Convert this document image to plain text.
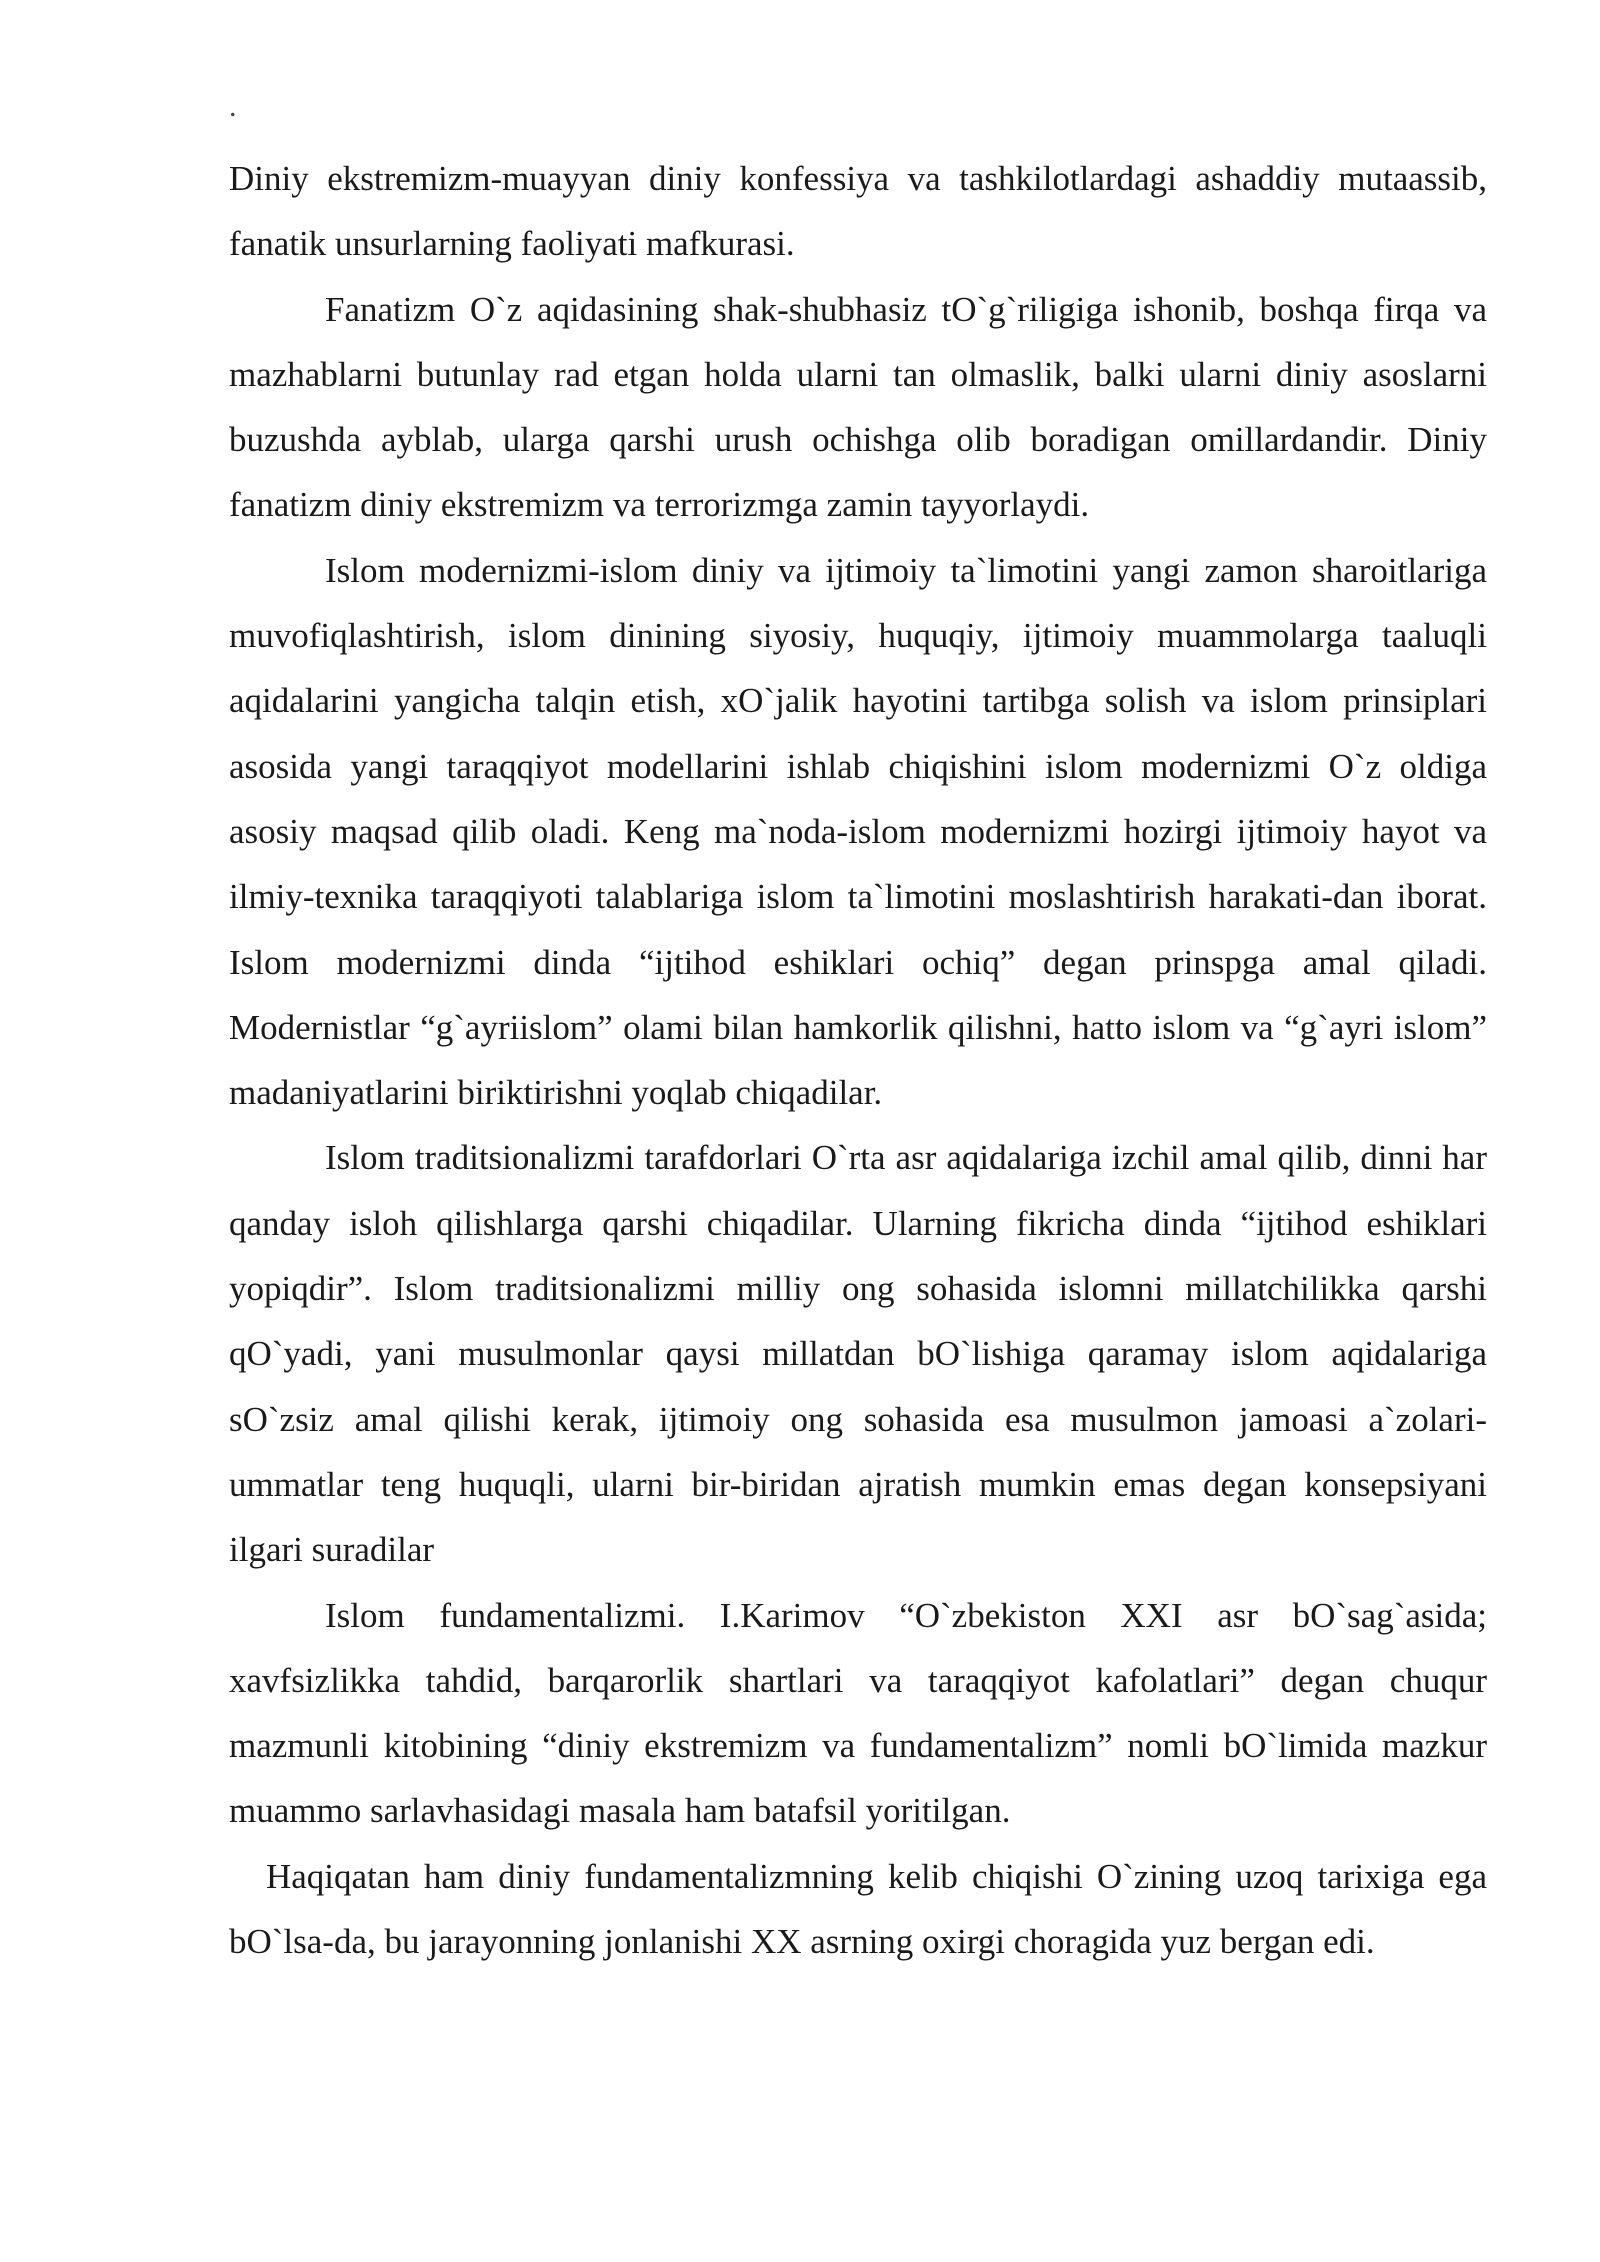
.

Diniy ekstremizm-muayyan diniy konfessiya va tashkilotlardagi ashaddiy mutaassib, fanatik unsurlarning faoliyati mafkurasi.

Fanatizm O`z aqidasining shak-shubhasiz tO`g`riligiga ishonib, boshqa firqa va mazhablarni butunlay rad etgan holda ularni tan olmaslik, balki ularni diniy asoslarni buzushda ayblab, ularga qarshi urush ochishga olib boradigan omillardandir. Diniy fanatizm diniy ekstremizm va terrorizmga zamin tayyorlaydi.

Islom modernizmi-islom diniy va ijtimoiy ta`limotini yangi zamon sharoitlariga muvofiqlashtirish, islom dinining siyosiy, huquqiy, ijtimoiy muammolarga taaluqli aqidalarini yangicha talqin etish, xO`jalik hayotini tartibga solish va islom prinsiplari asosida yangi taraqqiyot modellarini ishlab chiqishini islom modernizmi O`z oldiga asosiy maqsad qilib oladi. Keng ma`noda-islom modernizmi hozirgi ijtimoiy hayot va ilmiy-texnika taraqqiyoti talablariga islom ta`limotini moslashtirish harakati-dan iborat. Islom modernizmi dinda “ijtihod eshiklari ochiq” degan prinspga amal qiladi. Modernistlar “g`ayriislom” olami bilan hamkorlik qilishni, hatto islom va “g`ayri islom” madaniyatlarini biriktirishni yoqlab chiqadilar.

Islom traditsionalizmi tarafdorlari O`rta asr aqidalariga izchil amal qilib, dinni har qanday isloh qilishlarga qarshi chiqadilar. Ularning fikricha dinda “ijtihod eshiklari yopiqdir”. Islom traditsionalizmi milliy ong sohasida islomni millatchilikka qarshi qO`yadi, yani musulmonlar qaysi millatdan bO`lishiga qaramay islom aqidalariga sO`zsiz amal qilishi kerak, ijtimoiy ong sohasida esa musulmon jamoasi a`zolari-ummatlar teng huquqli, ularni bir-biridan ajratish mumkin emas degan konsepsiyani ilgari suradilar

Islom fundamentalizmi. I.Karimov “O`zbekiston XXI asr bO`sag`asida; xavfsizlikka tahdid, barqarorlik shartlari va taraqqiyot kafolatlari” degan chuqur mazmunli kitobining “diniy ekstremizm va fundamentalizm” nomli bO`limida mazkur muammo sarlavhasidagi masala ham batafsil yoritilgan.

Haqiqatan ham diniy fundamentalizmning kelib chiqishi O`zining uzoq tarixiga ega bO`lsa-da, bu jarayonning jonlanishi XX asrning oxirgi choragida yuz bergan edi.
